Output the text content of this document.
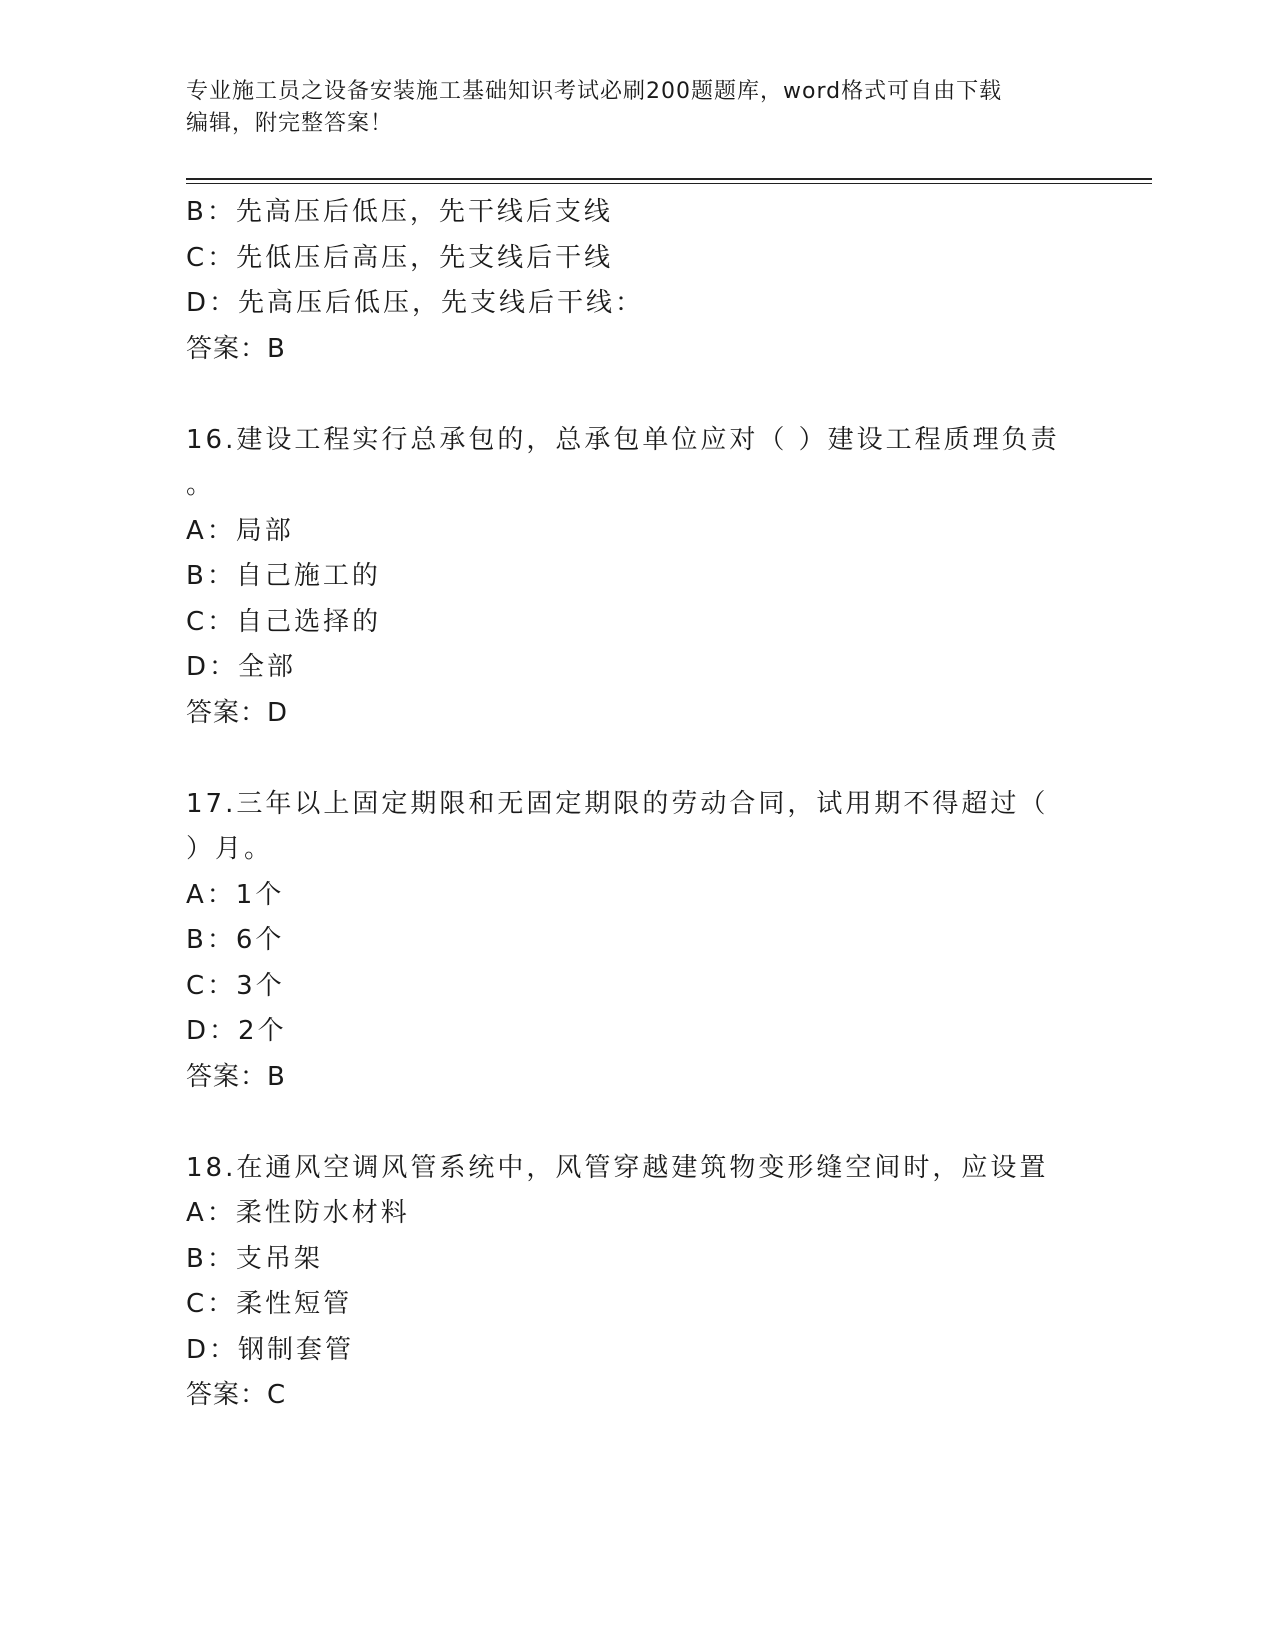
专业施工员之设备安装施工基础知识考试必刷200题题库，word格式可自由下载
编辑，附完整答案！
B：先高压后低压，先干线后支线
C：先低压后高压，先支线后干线
D：先高压后低压，先支线后干线：
答案：B
16.建设工程实行总承包的，总承包单位应对（ ）建设工程质理负责
。
A：局部
B：自己施工的
C：自己选择的
D：全部
答案：D
17.三年以上固定期限和无固定期限的劳动合同，试用期不得超过（
）月。
A：1个
B：6个
C：3个
D：2个
答案：B
18.在通风空调风管系统中，风管穿越建筑物变形缝空间时，应设置
A：柔性防水材料
B：支吊架
C：柔性短管
D：钢制套管
答案：C
